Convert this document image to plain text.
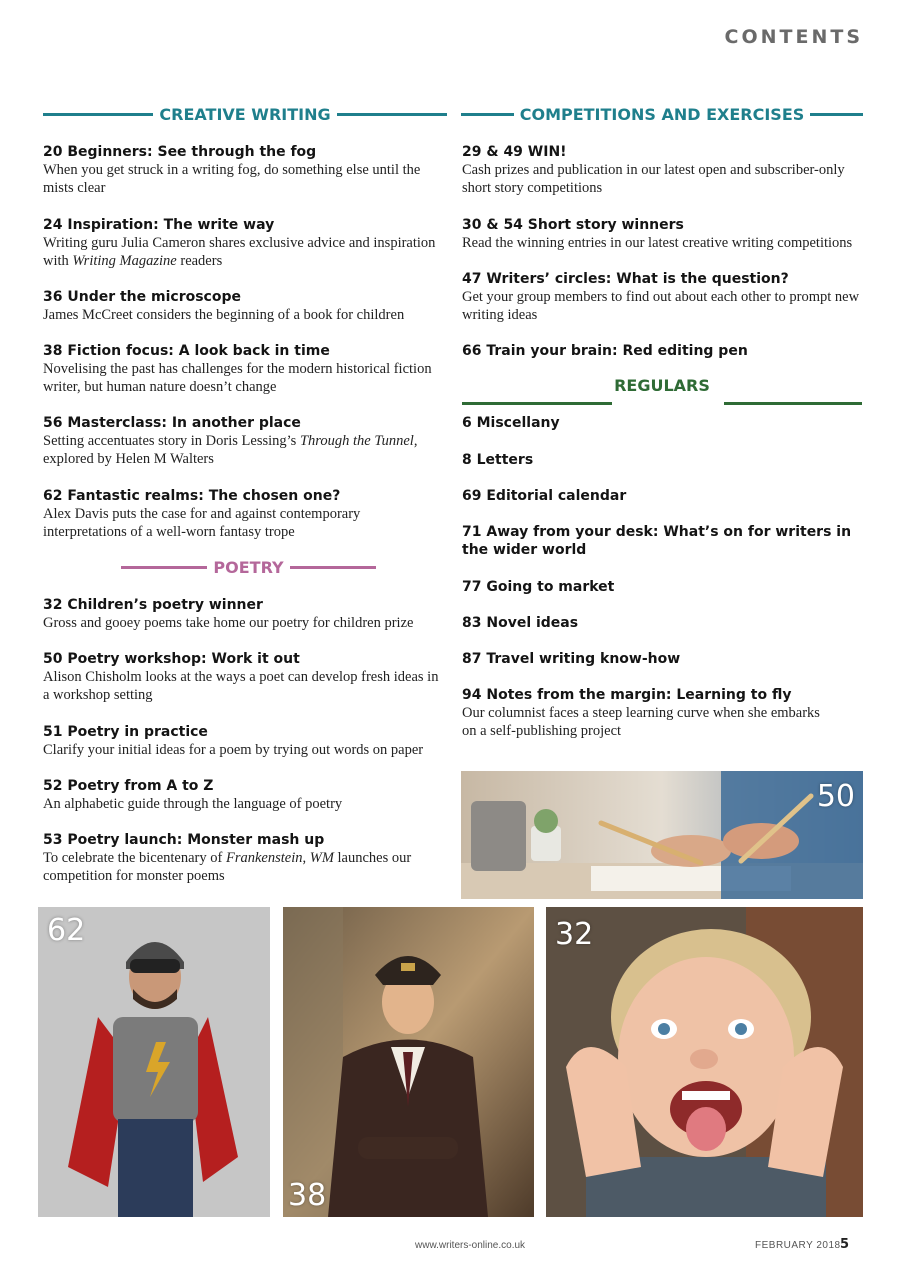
CONTENTS
CREATIVE WRITING	COMPETITIONS AND EXERCISES
POETRY
REGULARS
20 Beginners: See through the fog
When you get struck in a writing fog, do something else until the mists clear
24 Inspiration: The write way
Writing guru Julia Cameron shares exclusive advice and inspiration with Writing Magazine readers
36 Under the microscope
James McCreet considers the beginning of a book for children
38 Fiction focus: A look back in time
Novelising the past has challenges for the modern historical fiction writer, but human nature doesn’t change
56 Masterclass: In another place
Setting accentuates story in Doris Lessing’s Through the Tunnel, explored by Helen M Walters
62 Fantastic realms: The chosen one?
Alex Davis puts the case for and against contemporary interpretations of a well-worn fantasy trope
32 Children’s poetry winner
Gross and gooey poems take home our poetry for children prize
50 Poetry workshop: Work it out
Alison Chisholm looks at the ways a poet can develop fresh ideas in a workshop setting
51 Poetry in practice
Clarify your initial ideas for a poem by trying out words on paper
52 Poetry from A to Z
An alphabetic guide through the language of poetry
53 Poetry launch: Monster mash up
To celebrate the bicentenary of Frankenstein, WM launches our competition for monster poems
29 & 49 WIN!
Cash prizes and publication in our latest open and subscriber-only short story competitions
30 & 54 Short story winners
Read the winning entries in our latest creative writing competitions
47 Writers’ circles: What is the question?
Get your group members to find out about each other to prompt new writing ideas
66 Train your brain: Red editing pen
6 Miscellany
8 Letters
69 Editorial calendar
71 Away from your desk: What’s on for writers in the wider world
77 Going to market
83 Novel ideas
87 Travel writing know-how
94 Notes from the margin: Learning to fly
Our columnist faces a steep learning curve when she embarks on a self-publishing project
50
62
38
32
www.writers-online.co.uk	FEBRUARY 2018 5
